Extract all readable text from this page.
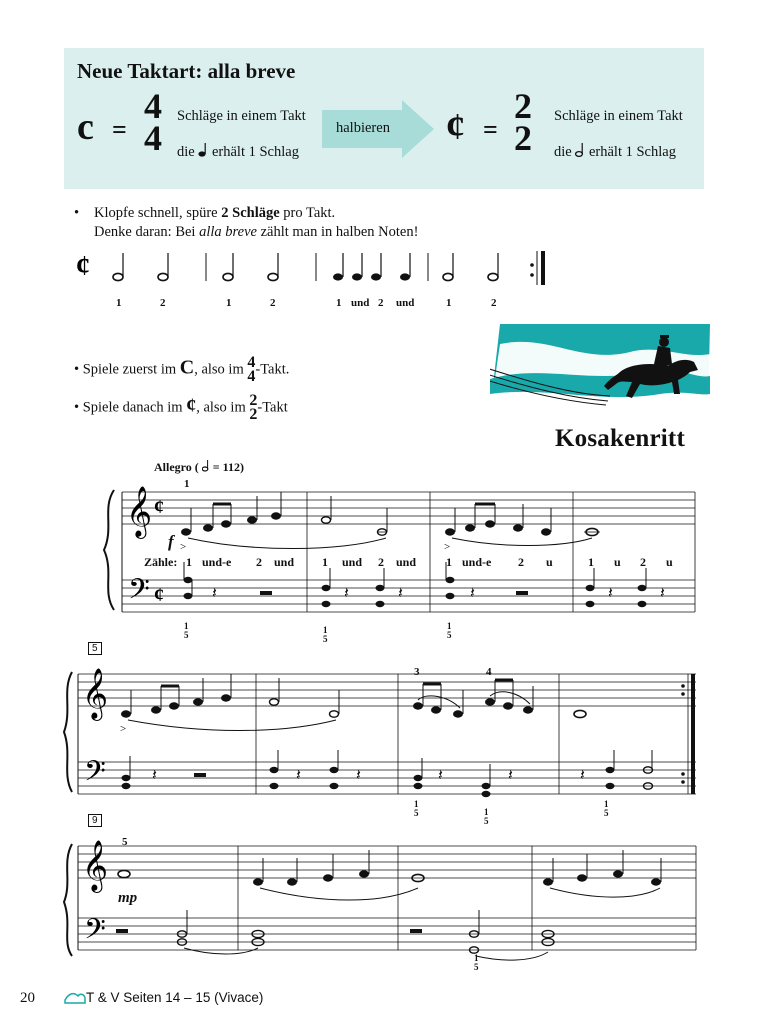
Neue Taktart: alla breve
c =
4
4
Schläge in einem Takt
die erhält 1 Schlag
halbieren ¢ =
2
2
Schläge in einem Takt
die erhält 1 Schlag
• Klopfe schnell, spüre 2 Schläge pro Takt.
Denke daran: Bei alla breve zählt man in halben Noten!
¢
1	2	1	2	1 und 2 und	1	2
• Spiele zuerst im C, also im 4
4-Takt.
• Spiele danach im ¢, also im 2
2-Takt
Kosakenritt
Allegro ( = 112)
𝄞
𝄢
¢
¢
>	>
𝄽	𝄽	𝄽	𝄽	𝄽	𝄽
f
1
Zähle: 1 und-e 2 und 1 und 2 und 1 und-e 2 u	1 u 2 u
1
5	1
5
1
5
5
𝄞
𝄢
>
𝄽	𝄽	𝄽	𝄽	𝄽	𝄽
3	4
1
5	1
5
1
5
9
𝄞
𝄢
5
mp
1
5
20	T & V Seiten 14 – 15 (Vivace)
